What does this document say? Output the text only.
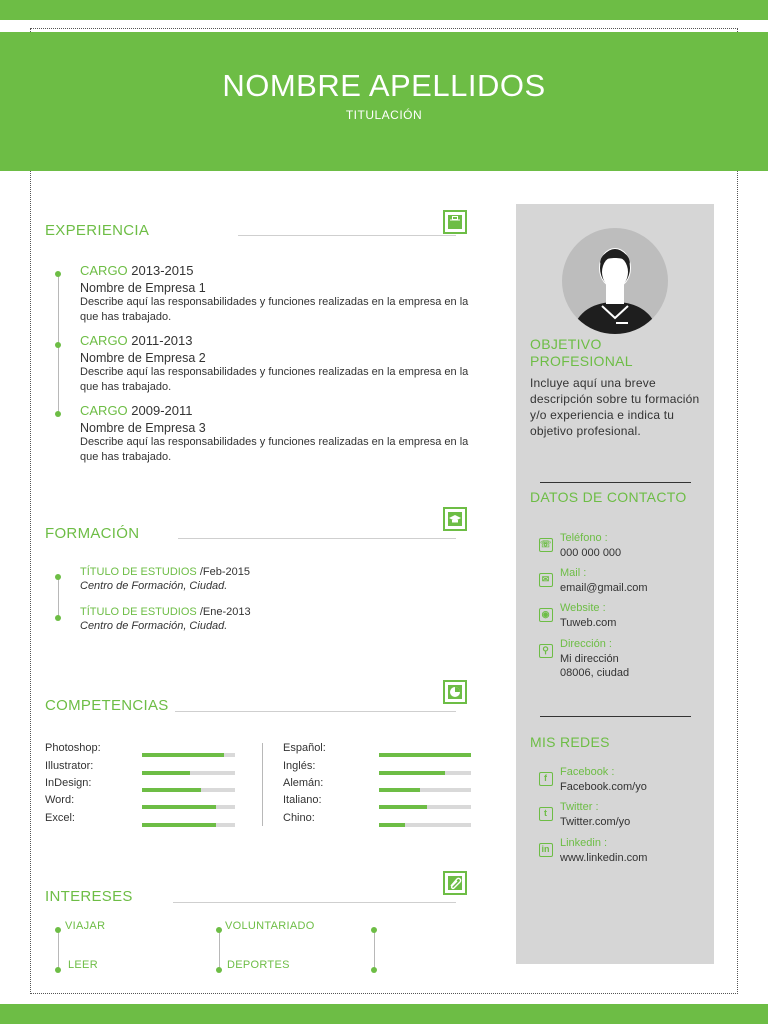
NOMBRE APELLIDOS
TITULACIÓN
EXPERIENCIA
CARGO 2013-2015
Nombre de Empresa 1
Describe aquí las responsabilidades y funciones realizadas en la empresa en la que has trabajado.
CARGO 2011-2013
Nombre de Empresa 2
Describe aquí las responsabilidades y funciones realizadas en la empresa en la que has trabajado.
CARGO 2009-2011
Nombre de Empresa 3
Describe aquí las responsabilidades y funciones realizadas en la empresa en la que has trabajado.
FORMACIÓN
TÍTULO DE ESTUDIOS /Feb-2015
Centro de Formación, Ciudad.
TÍTULO DE ESTUDIOS /Ene-2013
Centro de Formación, Ciudad.
COMPETENCIAS
Photoshop:
Illustrator:
InDesign:
Word:
Excel:
Español:
Inglés:
Alemán:
Italiano:
Chino:
INTERESES
VIAJAR	VOLUNTARIADO
LEER	DEPORTES
OBJETIVO PROFESIONAL
Incluye aquí una breve descripción sobre tu formación y/o experiencia e indica tu objetivo profesional.
DATOS DE CONTACTO
☏ Teléfono :
000 000 000
✉ Mail :
email@gmail.com
◉ Website :
Tuweb.com
⚲ Dirección :
Mi dirección
08006, ciudad
MIS REDES
f	Facebook :
Facebook.com/yo
t	Twitter :
Twitter.com/yo
in Linkedin :
www.linkedin.com
